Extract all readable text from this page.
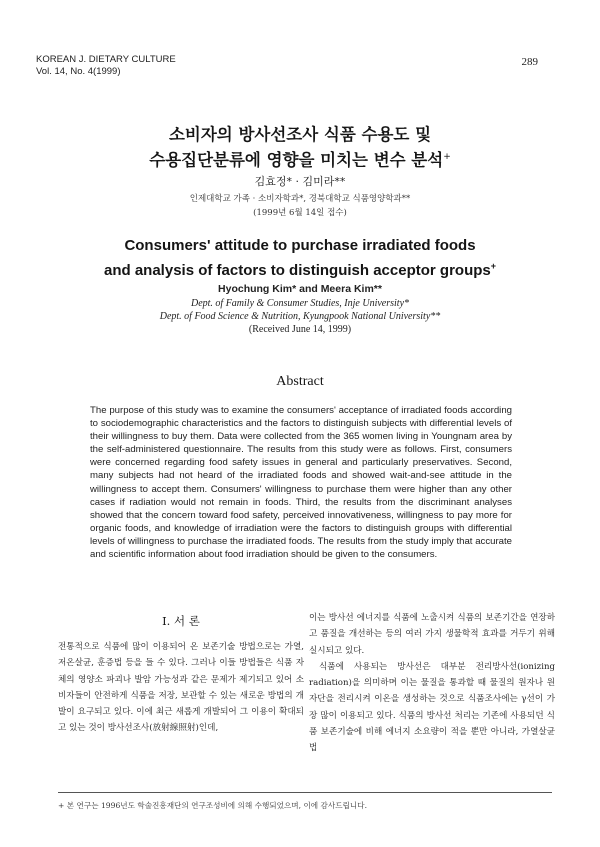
KOREAN J. DIETARY CULTURE
Vol. 14, No. 4(1999)
289
소비자의 방사선조사 식품 수용도 및
수용집단분류에 영향을 미치는 변수 분석+
김효정* · 김미라**
인제대학교 가족 · 소비자학과*, 경북대학교 식품영양학과**
(1999년 6월 14일 접수)
Consumers' attitude to purchase irradiated foods
and analysis of factors to distinguish acceptor groups+
Hyochung Kim* and Meera Kim**
Dept. of Family & Consumer Studies, Inje University*
Dept. of Food Science & Nutrition, Kyungpook National University**
(Received June 14, 1999)
Abstract

The purpose of this study was to examine the consumers' acceptance of irradiated foods according to sociodemographic characteristics and the factors to distinguish subjects with differential levels of their willingness to buy them. Data were collected from the 365 women living in Youngnam area by the self-administered questionnaire. The results from this study were as follows. First, consumers were concerned regarding food safety issues in general and particularly preservatives. Second, many subjects had not heard of the irradiated foods and showed wait-and-see attitude in the willingness to accept them. Consumers' willingness to purchase them were higher than any other cases if radiation would not remain in foods. Third, the results from the discriminant analyses showed that the concern toward food safety, perceived innovativeness, willingness to pay more for organic foods, and knowledge of irradiation were the factors to distinguish groups with differential levels of willingness to purchase the irradiated foods. The results from the study imply that accurate and scientific information about food irradiation should be given to the consumers.

I. 서 론

전통적으로 식품에 많이 이용되어 온 보존기술 방법으로는 가열, 저온살균, 훈증법 등을 들 수 있다. 그러나 이들 방법들은 식품 자체의 영양소 파괴나 발암 가능성과 같은 문제가 제기되고 있어 소비자들이 안전하게 식품을 저장, 보관할 수 있는 새로운 방법의 개발이 요구되고 있다. 이에 최근 새롭게 개발되어 그 이용이 확대되고 있는 것이 방사선조사(放射線照射)인데,

이는 방사선 에너지를 식품에 노출시켜 식품의 보존기간을 연장하고 품질을 개선하는 등의 여러 가지 생물학적 효과를 거두기 위해 실시되고 있다.

식품에 사용되는 방사선은 대부분 전리방사선(ionizing radiation)을 의미하며 이는 물질을 통과할 때 물질의 원자나 원자단을 전리시켜 이온을 생성하는 것으로 식품조사에는 γ선이 가장 많이 이용되고 있다. 식품의 방사선 처리는 기존에 사용되던 식품 보존기술에 비해 에너지 소요량이 적을 뿐만 아니라, 가열살균법

+ 본 연구는 1996년도 학술진흥재단의 연구조성비에 의해 수행되었으며, 이에 감사드립니다.
